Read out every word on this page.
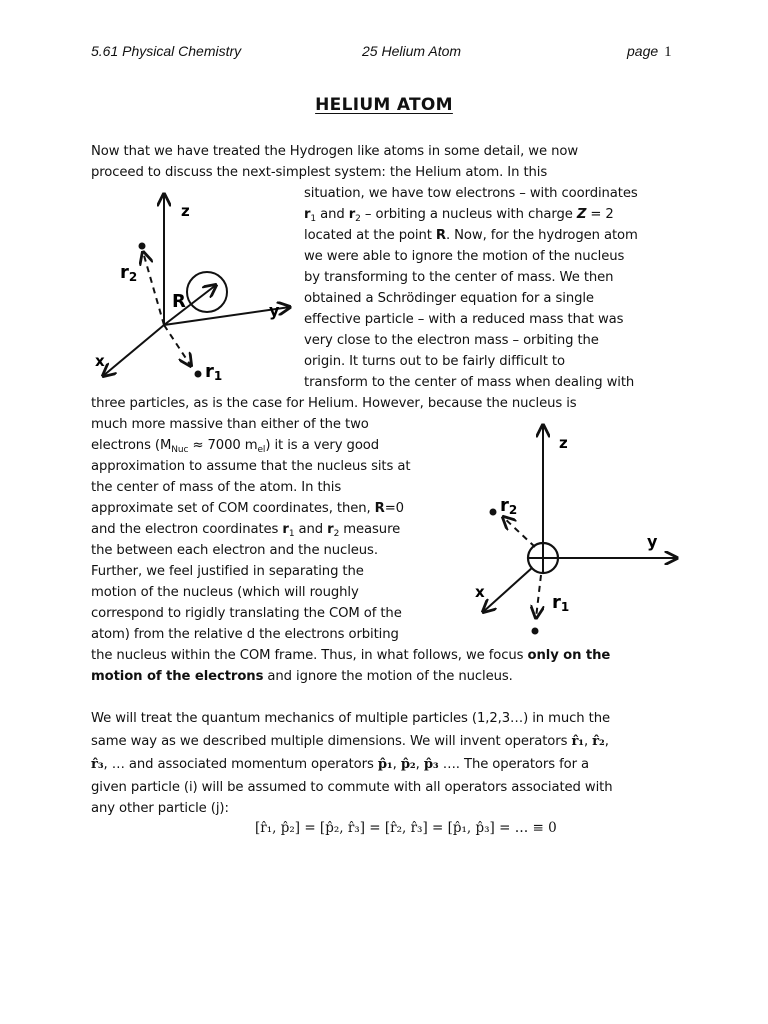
5.61 Physical Chemistry	25 Helium Atom	page 1
HELIUM ATOM
Now that we have treated the Hydrogen like atoms in some detail, we now
proceed to discuss the next-simplest system: the Helium atom. In this
situation, we have tow electrons – with coordinates
$r_1$ and $r_2$ – orbiting a nucleus with charge Z = 2
located at the point R. Now, for the hydrogen atom
we were able to ignore the motion of the nucleus
by transforming to the center of mass. We then
obtained a Schrödinger equation for a single
effective particle – with a reduced mass that was
very close to the electron mass – orbiting the
origin. It turns out to be fairly difficult to
transform to the center of mass when dealing with
three particles, as is the case for Helium. However, because the nucleus is
much more massive than either of the two
electrons ($M_{Nuc} \approx 7000$ $m_{el}$) it is a very good
approximation to assume that the nucleus sits at
the center of mass of the atom. In this
approximate set of COM coordinates, then, R=0
and the electron coordinates $r_1$ and $r_2$ measure
the between each electron and the nucleus.
Further, we feel justified in separating the
motion of the nucleus (which will roughly
correspond to rigidly translating the COM of the
atom) from the relative d the electrons orbiting
the nucleus within the COM frame. Thus, in what follows, we focus only on the
motion of the electrons and ignore the motion of the nucleus.
We will treat the quantum mechanics of multiple particles (1,2,3…) in much the
same way as we described multiple dimensions. We will invent operators r̂₁, r̂₂,
r̂₃, … and associated momentum operators p̂₁, p̂₂, p̂₃ …. The operators for a
given particle (i) will be assumed to commute with all operators associated with
any other particle (j):
[r̂₁, p̂₂] = [p̂₂, r̂₃] = [r̂₂, r̂₃] = [p̂₁, p̂₃] = … ≡ 0
z
y
x
R
r2
r1
z
y
x
r2
r1
